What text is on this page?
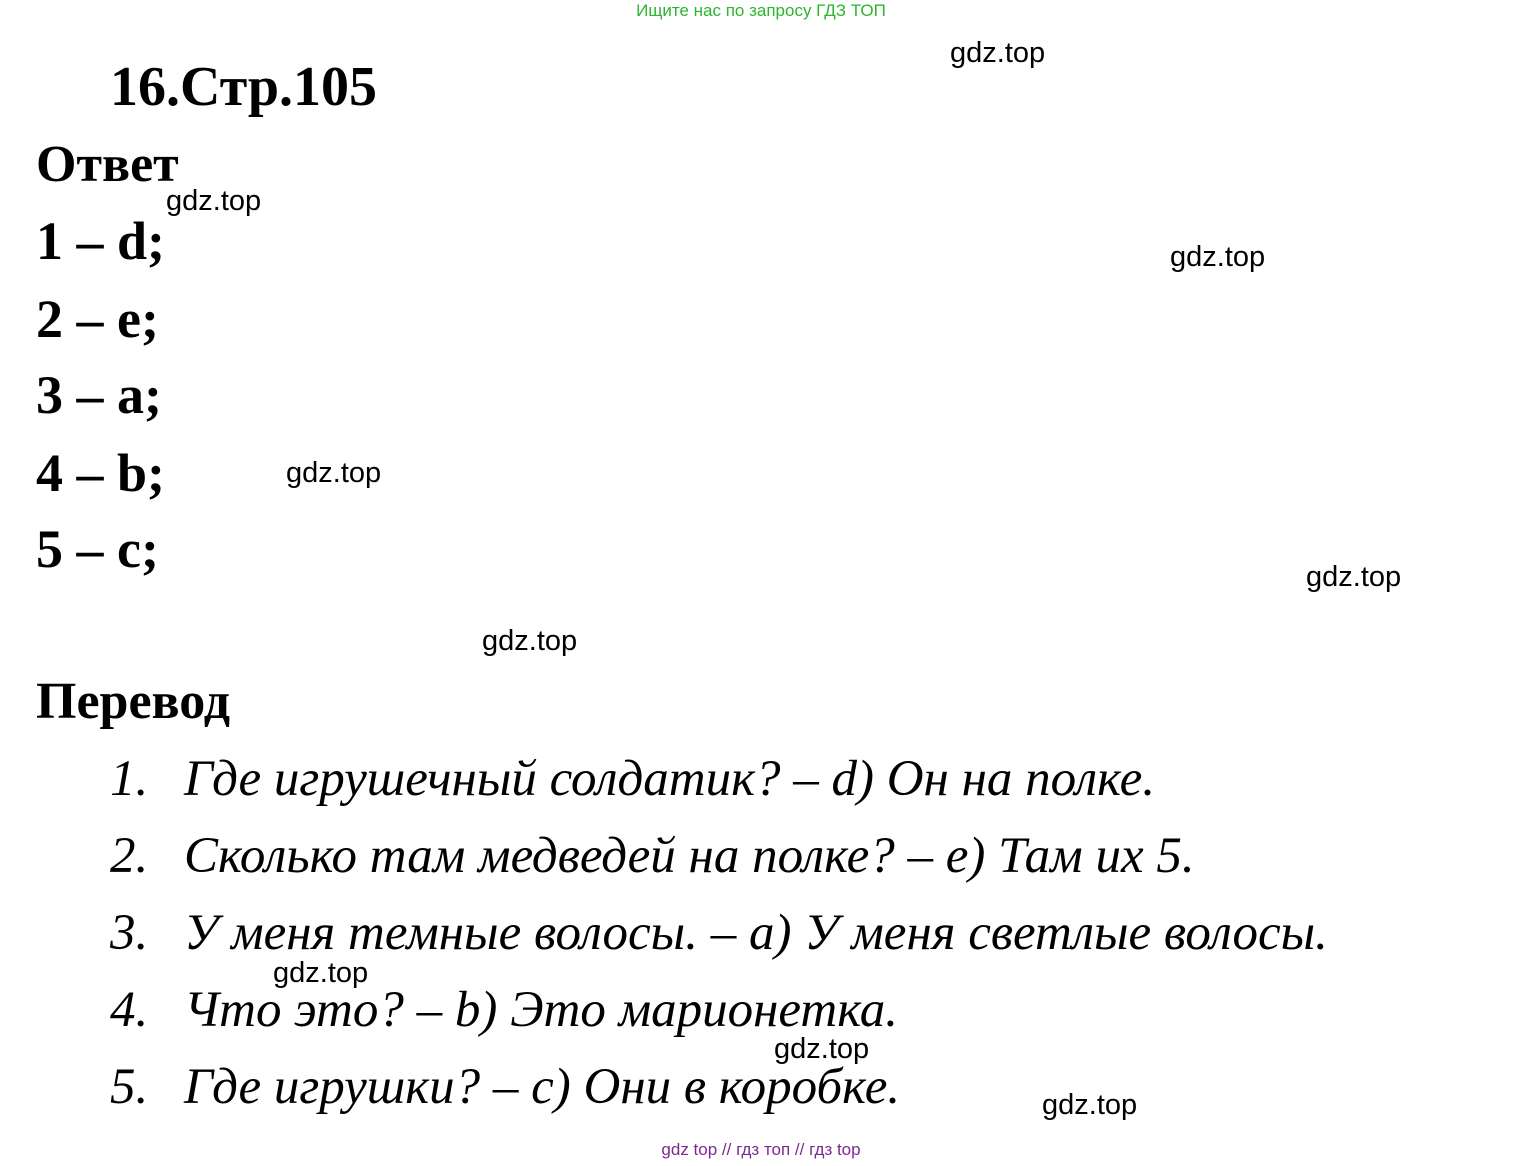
Ищите нас по запросу ГДЗ ТОП
16.Стр.105
Ответ
1 – d;
2 – e;
3 – a;
4 – b;
5 – c;
Перевод
1. Где игрушечный солдатик? – d) Он на полке.
2. Сколько там медведей на полке? – e) Там их 5.
3. У меня темные волосы. – a) У меня светлые волосы.
4. Что это? – b) Это марионетка.
5. Где игрушки? – c) Они в коробке.
gdz.top
gdz.top
gdz.top
gdz.top
gdz.top
gdz.top
gdz.top
gdz.top
gdz.top
gdz top // гдз топ // гдз top
